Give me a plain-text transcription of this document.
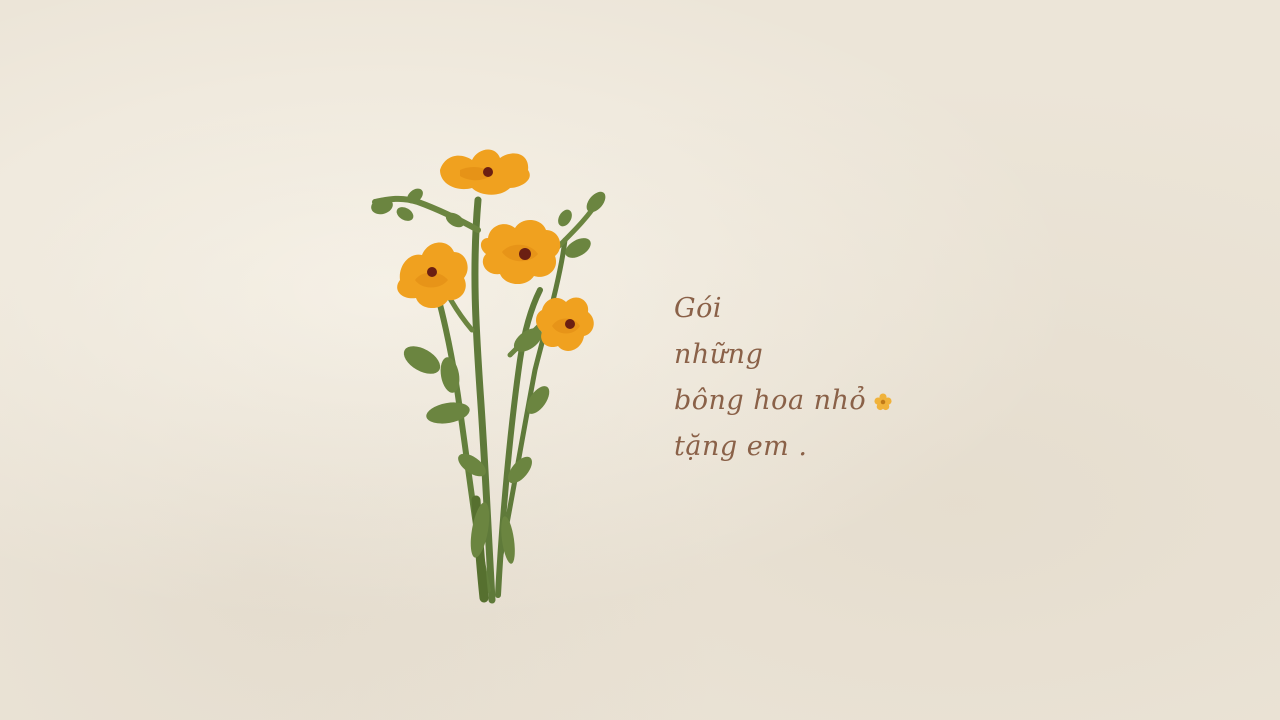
Gói
những
bông hoa nhỏ
tặng em .
